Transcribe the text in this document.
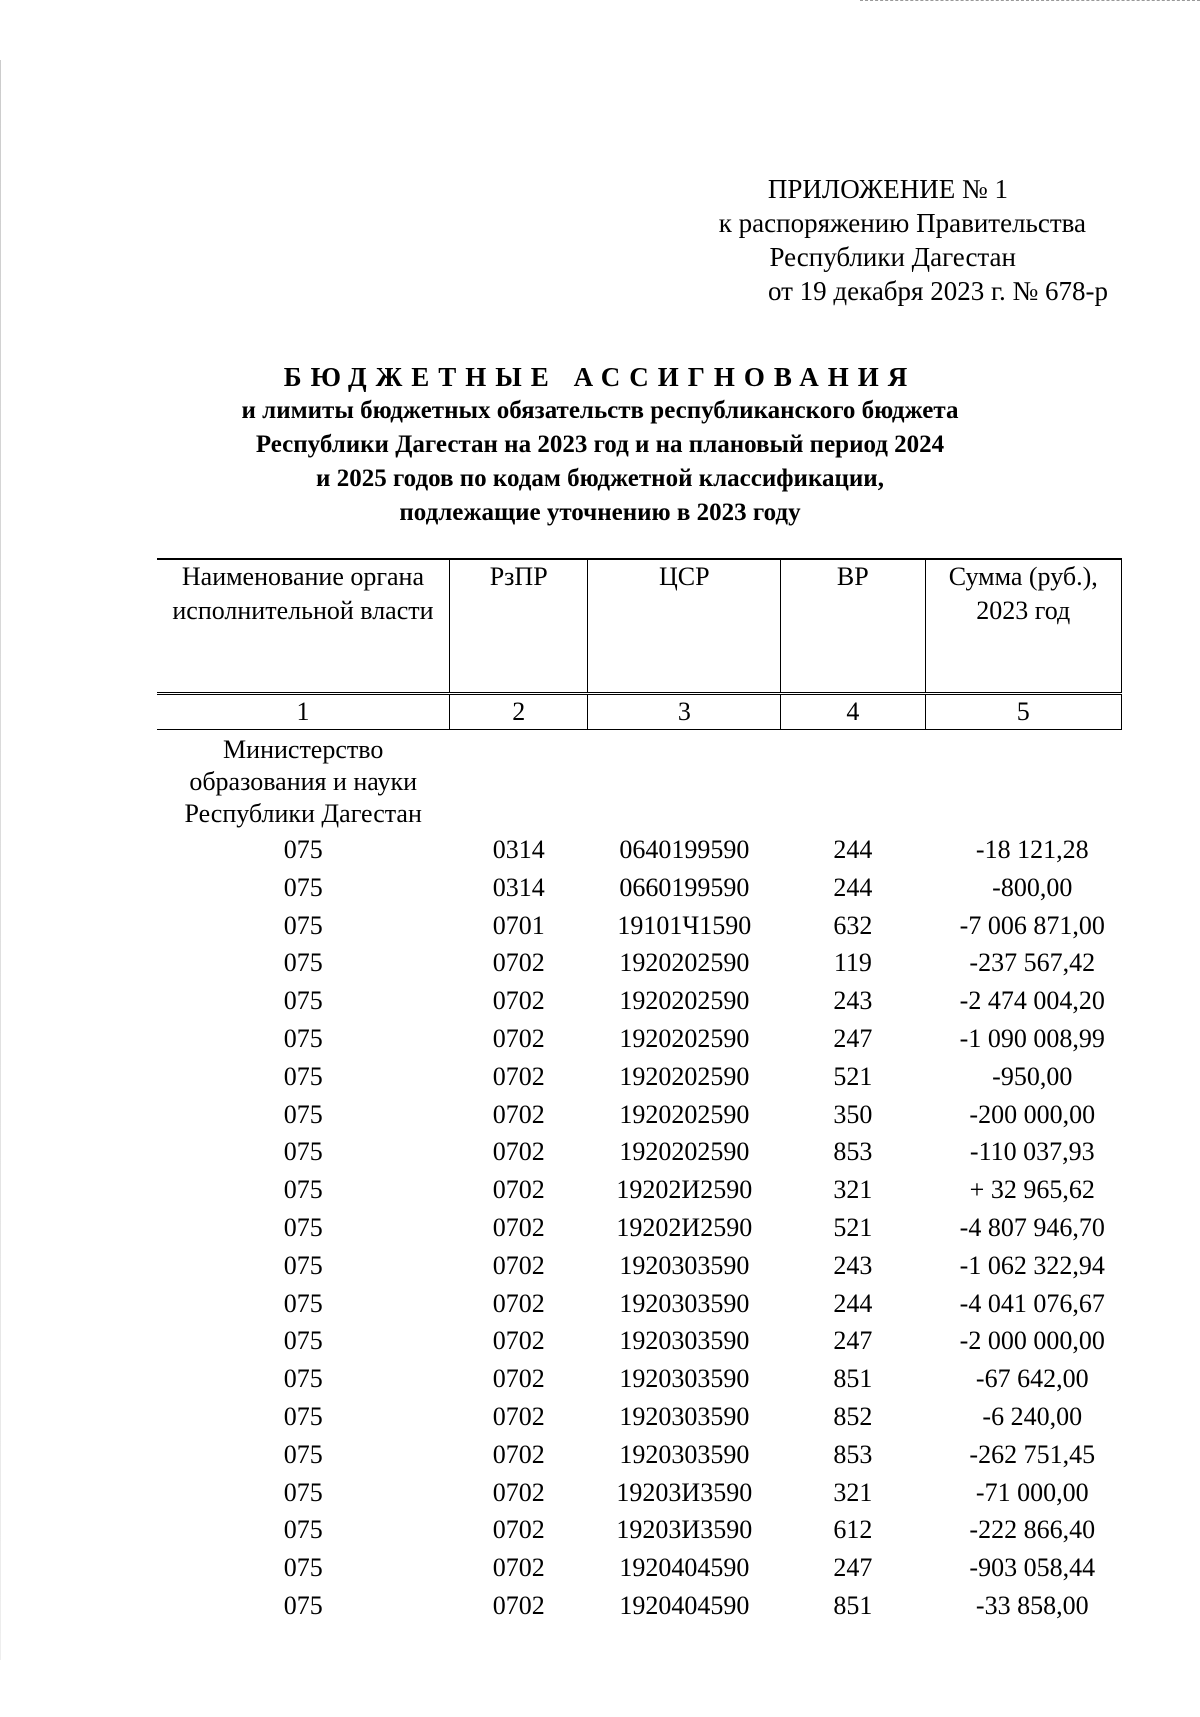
ПРИЛОЖЕНИЕ № 1
к распоряжению Правительства
Республики Дагестан
от 19 декабря 2023 г. № 678-р
БЮДЖЕТНЫЕ АССИГНОВАНИЯ
и лимиты бюджетных обязательств республиканского бюджета
Республики Дагестан на 2023 год и на плановый период 2024
и 2025 годов по кодам бюджетной классификации,
подлежащие уточнению в 2023 году
Наименование органа исполнительной власти	РзПР	ЦСР	ВР	Сумма (руб.), 2023 год
1	2	3	4	5
Министерство образования и науки Республики Дагестан				
075	0314	0640199590	244	-18 121,28
075	0314	0660199590	244	-800,00
075	0701	19101Ч1590	632	-7 006 871,00
075	0702	1920202590	119	-237 567,42
075	0702	1920202590	243	-2 474 004,20
075	0702	1920202590	247	-1 090 008,99
075	0702	1920202590	521	-950,00
075	0702	1920202590	350	-200 000,00
075	0702	1920202590	853	-110 037,93
075	0702	19202И2590	321	+ 32 965,62
075	0702	19202И2590	521	-4 807 946,70
075	0702	1920303590	243	-1 062 322,94
075	0702	1920303590	244	-4 041 076,67
075	0702	1920303590	247	-2 000 000,00
075	0702	1920303590	851	-67 642,00
075	0702	1920303590	852	-6 240,00
075	0702	1920303590	853	-262 751,45
075	0702	19203И3590	321	-71 000,00
075	0702	19203И3590	612	-222 866,40
075	0702	1920404590	247	-903 058,44
075	0702	1920404590	851	-33 858,00
